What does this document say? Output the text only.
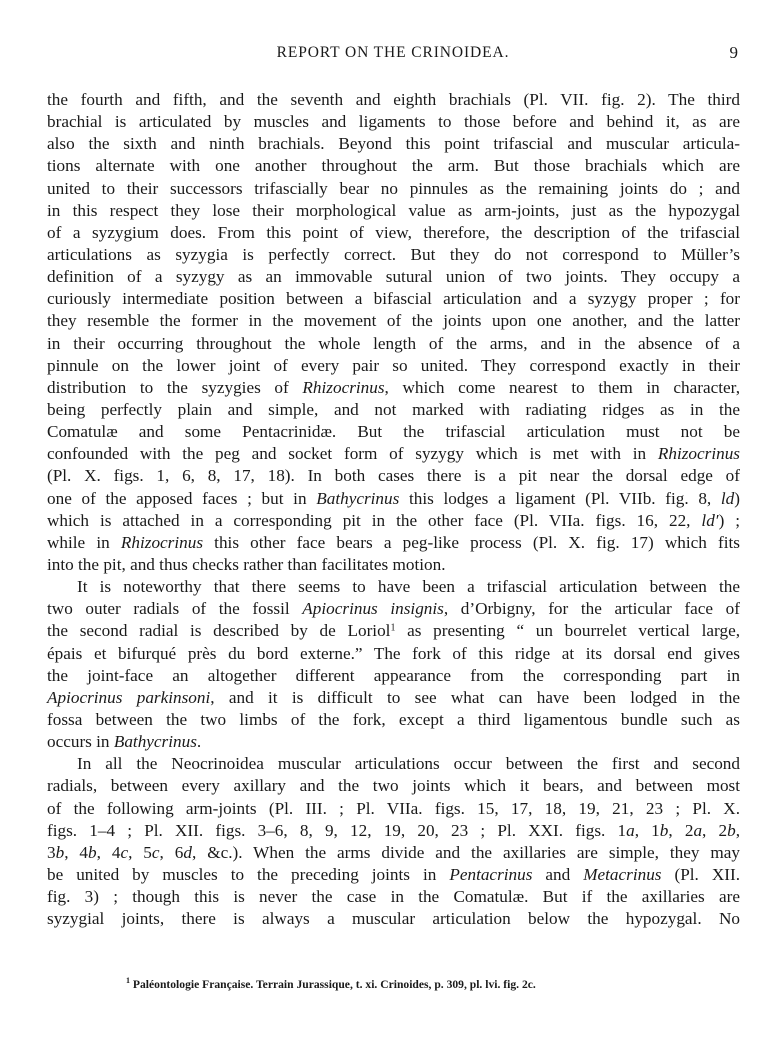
REPORT ON THE CRINOIDEA.	9
the fourth and fifth, and the seventh and eighth brachials (Pl. VII. fig. 2). The third
brachial is articulated by muscles and ligaments to those before and behind it, as are
also the sixth and ninth brachials. Beyond this point trifascial and muscular articula-
tions alternate with one another throughout the arm. But those brachials which are
united to their successors trifascially bear no pinnules as the remaining joints do ; and
in this respect they lose their morphological value as arm-joints, just as the hypozygal
of a syzygium does. From this point of view, therefore, the description of the trifascial
articulations as syzygia is perfectly correct. But they do not correspond to Müller’s
definition of a syzygy as an immovable sutural union of two joints. They occupy a
curiously intermediate position between a bifascial articulation and a syzygy proper ; for
they resemble the former in the movement of the joints upon one another, and the latter
in their occurring throughout the whole length of the arms, and in the absence of a
pinnule on the lower joint of every pair so united. They correspond exactly in their
distribution to the syzygies of Rhizocrinus, which come nearest to them in character,
being perfectly plain and simple, and not marked with radiating ridges as in the
Comatulæ and some Pentacrinidæ. But the trifascial articulation must not be
confounded with the peg and socket form of syzygy which is met with in Rhizocrinus
(Pl. X. figs. 1, 6, 8, 17, 18). In both cases there is a pit near the dorsal edge of
one of the apposed faces ; but in Bathycrinus this lodges a ligament (Pl. VIIb. fig. 8, ld)
which is attached in a corresponding pit in the other face (Pl. VIIa. figs. 16, 22, ld′) ;
while in Rhizocrinus this other face bears a peg-like process (Pl. X. fig. 17) which fits
into the pit, and thus checks rather than facilitates motion.
It is noteworthy that there seems to have been a trifascial articulation between the
two outer radials of the fossil Apiocrinus insignis, d’Orbigny, for the articular face of
the second radial is described by de Loriol$^1$ as presenting “ un bourrelet vertical large,
épais et bifurqué près du bord externe.” The fork of this ridge at its dorsal end gives
the joint-face an altogether different appearance from the corresponding part in
Apiocrinus parkinsoni, and it is difficult to see what can have been lodged in the
fossa between the two limbs of the fork, except a third ligamentous bundle such as
occurs in Bathycrinus.
In all the Neocrinoidea muscular articulations occur between the first and second
radials, between every axillary and the two joints which it bears, and between most
of the following arm-joints (Pl. III. ; Pl. VIIa. figs. 15, 17, 18, 19, 21, 23 ; Pl. X.
figs. 1–4 ; Pl. XII. figs. 3–6, 8, 9, 12, 19, 20, 23 ; Pl. XXI. figs. 1a, 1b, 2a, 2b,
3b, 4b, 4c, 5c, 6d, &c.). When the arms divide and the axillaries are simple, they may
be united by muscles to the preceding joints in Pentacrinus and Metacrinus (Pl. XII.
fig. 3) ; though this is never the case in the Comatulæ. But if the axillaries are
syzygial joints, there is always a muscular articulation below the hypozygal. No
$^1$ Paléontologie Française. Terrain Jurassique, t. xi. Crinoides, p. 309, pl. lvi. fig. 2c.
